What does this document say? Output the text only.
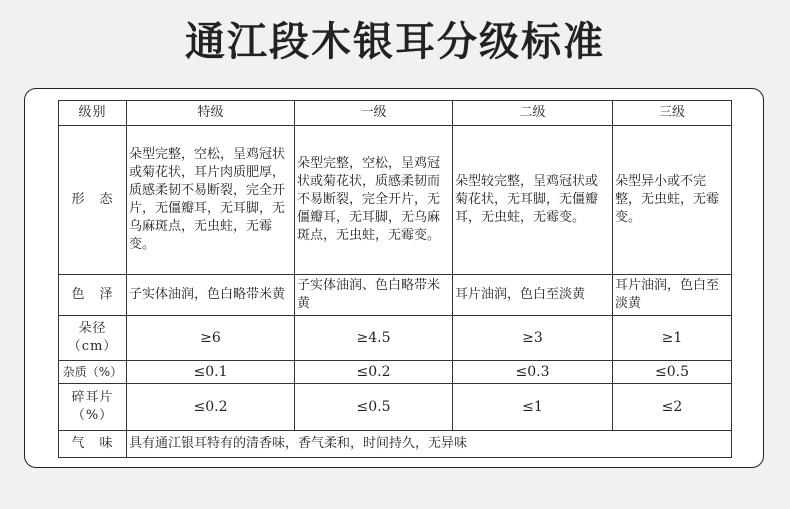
通江段木银耳分级标准
级别	特级	一级	二级	三级
形　态	朵型完整，空松，呈鸡冠状或菊花状，耳片肉质肥厚，质感柔韧不易断裂，完全开片，无僵瓣耳，无耳脚，无乌麻斑点，无虫蛀，无霉变。	朵型完整，空松，呈鸡冠状或菊花状，质感柔韧而不易断裂，完全开片，无僵瓣耳，无耳脚，无乌麻斑点，无虫蛀，无霉变。	朵型较完整，呈鸡冠状或菊花状，无耳脚，无僵瓣耳，无虫蛀，无霉变。	朵型异小或不完整，无虫蛀，无霉变。
色　泽	子实体油润，色白略带米黄	子实体油润、色白略带米黄	耳片油润，色白至淡黄	耳片油润，色白至淡黄
朵径（cm）	≥6	≥4.5	≥3	≥1
杂质（%）	≤0.1	≤0.2	≤0.3	≤0.5
碎耳片（%）	≤0.2	≤0.5	≤1	≤2
气　味	具有通江银耳特有的清香味，香气柔和，时间持久，无异味			
